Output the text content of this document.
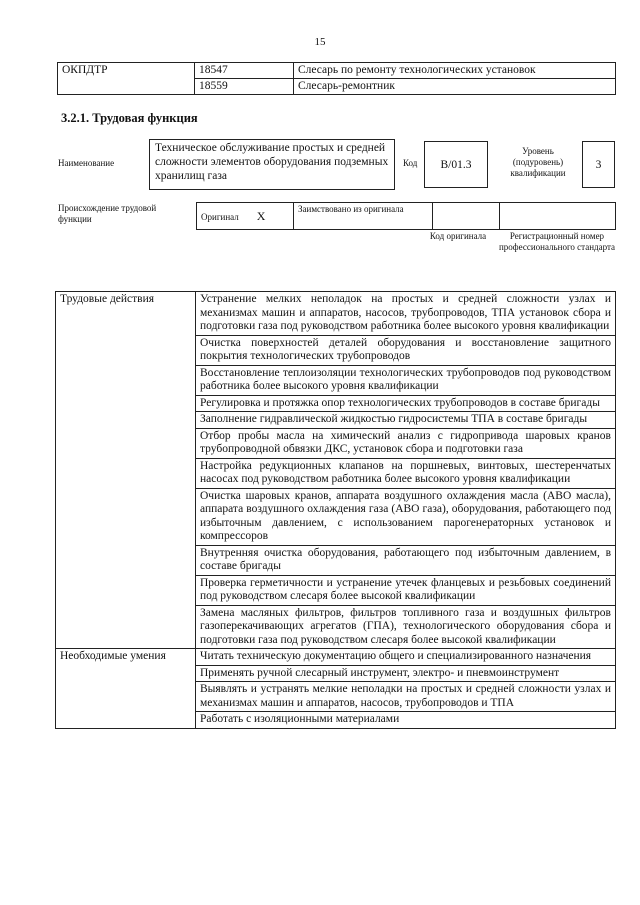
15
ОКПДТР	18547	Слесарь по ремонту технологических установок
	18559	Слесарь-ремонтник
3.2.1. Трудовая функция
Наименование
Техническое обслуживание простых и средней сложности элементов оборудования подземных хранилищ газа
Код	B/01.3
Уровень (подуровень) квалификации
3
Происхождение трудовой функции	Оригинал X	Заимствовано из оригинала		
Код оригинала	Регистрационный номер профессионального стандарта
Трудовые действия	Устранение мелких неполадок на простых и средней сложности узлах и механизмах машин и аппаратов, насосов, трубопроводов, ТПА установок сбора и подготовки газа под руководством работника более высокого уровня квалификации
	Очистка поверхностей деталей оборудования и восстановление защитного покрытия технологических трубопроводов
	Восстановление теплоизоляции технологических трубопроводов под руководством работника более высокого уровня квалификации
	Регулировка и протяжка опор технологических трубопроводов в составе бригады
	Заполнение гидравлической жидкостью гидросистемы ТПА в составе бригады
	Отбор пробы масла на химический анализ с гидропривода шаровых кранов трубопроводной обвязки ДКС, установок сбора и подготовки газа
	Настройка редукционных клапанов на поршневых, винтовых, шестеренчатых насосах под руководством работника более высокого уровня квалификации
	Очистка шаровых кранов, аппарата воздушного охлаждения масла (АВО масла), аппарата воздушного охлаждения газа (АВО газа), оборудования, работающего под избыточным давлением, с использованием парогенераторных установок и компрессоров
	Внутренняя очистка оборудования, работающего под избыточным давлением, в составе бригады
	Проверка герметичности и устранение утечек фланцевых и резьбовых соединений под руководством слесаря более высокой квалификации
	Замена масляных фильтров, фильтров топливного газа и воздушных фильтров газоперекачивающих агрегатов (ГПА), технологического оборудования сбора и подготовки газа под руководством слесаря более высокой квалификации
Необходимые умения	Читать техническую документацию общего и специализированного назначения
	Применять ручной слесарный инструмент, электро- и пневмоинструмент
	Выявлять и устранять мелкие неполадки на простых и средней сложности узлах и механизмах машин и аппаратов, насосов, трубопроводов и ТПА
	Работать с изоляционными материалами
